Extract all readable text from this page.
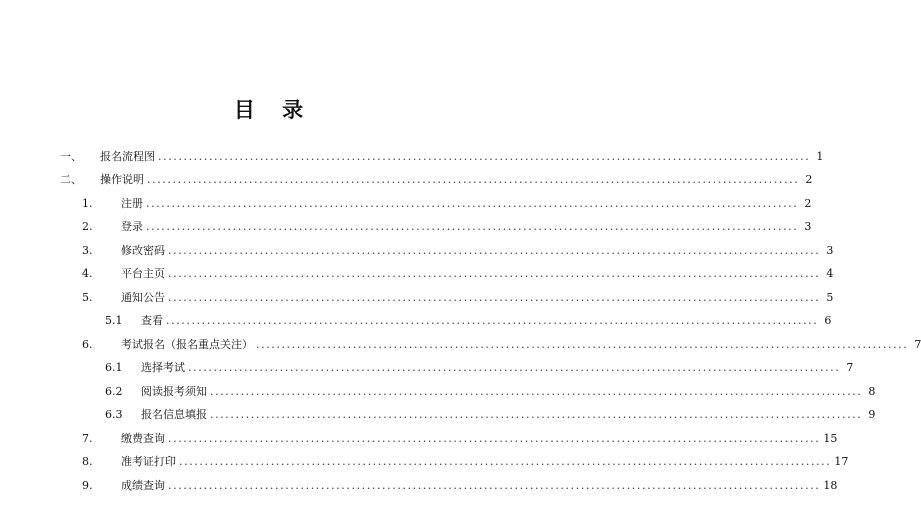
目 录
一、 报名流程图 ................................................................................................................................ 1
二、 操作说明 ................................................................................................................................ 2
1.	注册 ................................................................................................................................ 2
2.	登录 ................................................................................................................................ 3
3.	修改密码 ................................................................................................................................ 3
4.	平台主页 ................................................................................................................................ 4
5.	通知公告 ................................................................................................................................ 5
5.1 查看 ................................................................................................................................ 6
6.	考试报名（报名重点关注） ................................................................................................................................ 7
6.1 选择考试 ................................................................................................................................ 7
6.2 阅读报考须知 ................................................................................................................................ 8
6.3 报名信息填报 ................................................................................................................................ 9
7.	缴费查询 ................................................................................................................................ 15
8.	准考证打印 ................................................................................................................................ 17
9.	成绩查询 ................................................................................................................................ 18
